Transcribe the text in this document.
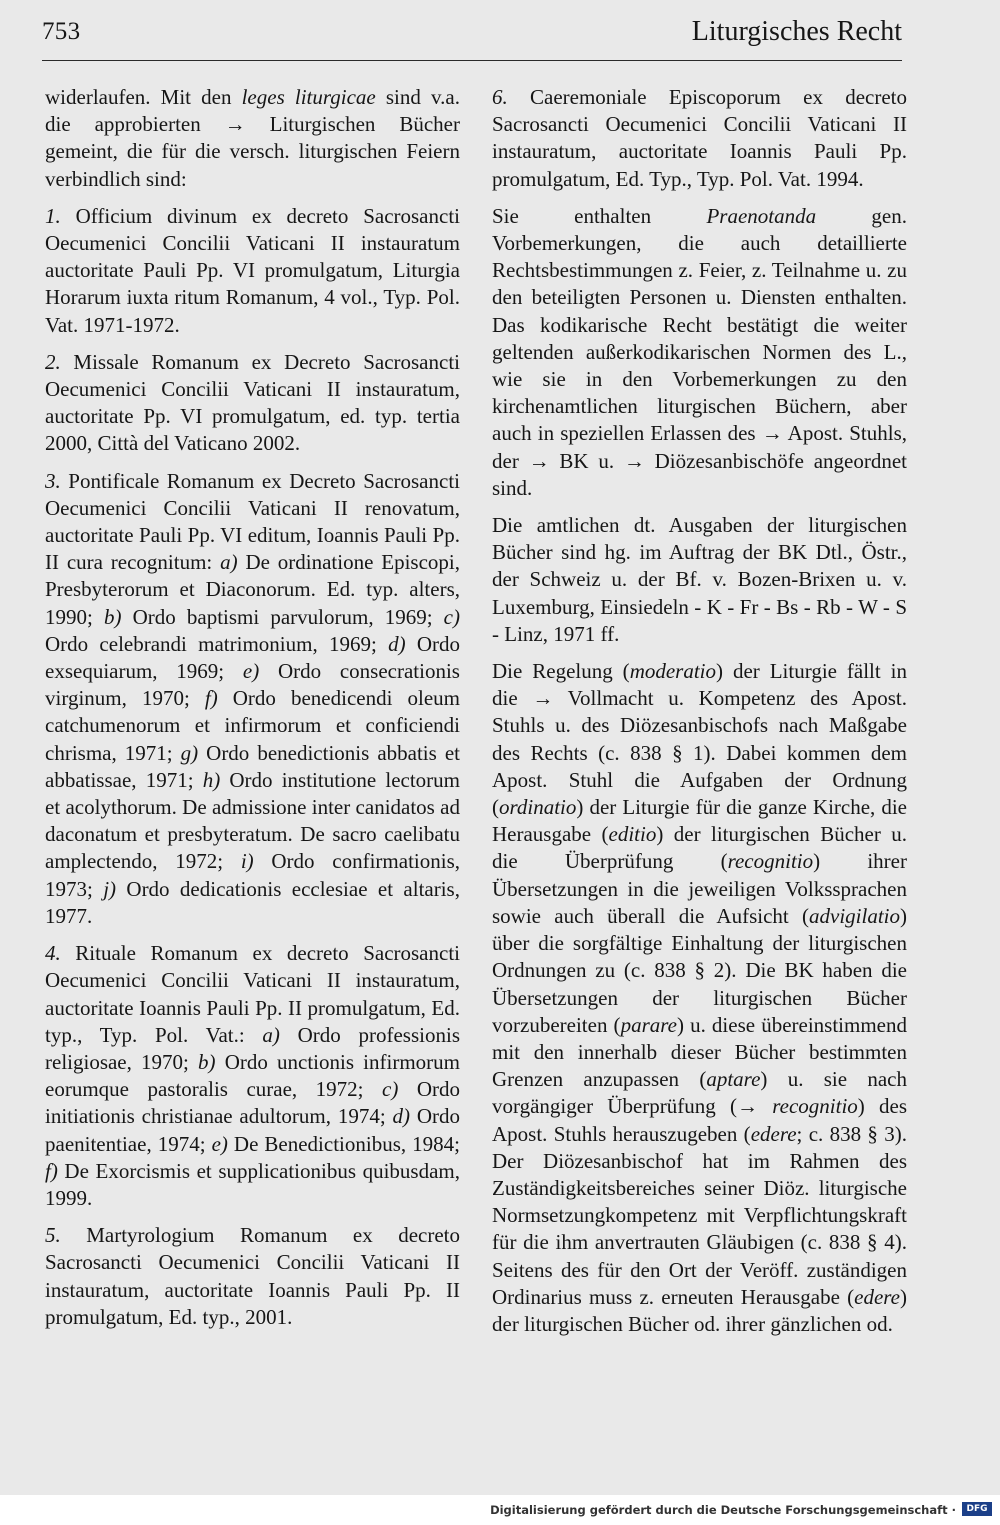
753	Liturgisches Recht

widerlaufen. Mit den leges liturgicae sind v.a. die approbierten → Liturgischen Bücher gemeint, die für die versch. liturgischen Feiern verbindlich sind:

1. Officium divinum ex decreto Sacrosancti Oecumenici Concilii Vaticani II instauratum auctoritate Pauli Pp. VI promulgatum, Liturgia Horarum iuxta ritum Romanum, 4 vol., Typ. Pol. Vat. 1971-1972.

2. Missale Romanum ex Decreto Sacrosancti Oecumenici Concilii Vaticani II instauratum, auctoritate Pp. VI promulgatum, ed. typ. tertia 2000, Città del Vaticano 2002.

3. Pontificale Romanum ex Decreto Sacrosancti Oecumenici Concilii Vaticani II renovatum, auctoritate Pauli Pp. VI editum, Ioannis Pauli Pp. II cura recognitum: a) De ordinatione Episcopi, Presbyterorum et Diaconorum. Ed. typ. alters, 1990; b) Ordo baptismi parvulorum, 1969; c) Ordo celebrandi matrimonium, 1969; d) Ordo exsequiarum, 1969; e) Ordo consecrationis virginum, 1970; f) Ordo benedicendi oleum catchumenorum et infirmorum et conficiendi chrisma, 1971; g) Ordo benedictionis abbatis et abbatissae, 1971; h) Ordo institutione lectorum et acolythorum. De admissione inter canidatos ad daconatum et presbyteratum. De sacro caelibatu amplectendo, 1972; i) Ordo confirmationis, 1973; j) Ordo dedicationis ecclesiae et altaris, 1977.

4. Rituale Romanum ex decreto Sacrosancti Oecumenici Concilii Vaticani II instauratum, auctoritate Ioannis Pauli Pp. II promulgatum, Ed. typ., Typ. Pol. Vat.: a) Ordo professionis religiosae, 1970; b) Ordo unctionis infirmorum eorumque pastoralis curae, 1972; c) Ordo initiationis christianae adultorum, 1974; d) Ordo paenitentiae, 1974; e) De Benedictionibus, 1984; f) De Exorcismis et supplicationibus quibusdam, 1999.

5. Martyrologium Romanum ex decreto Sacrosancti Oecumenici Concilii Vaticani II instauratum, auctoritate Ioannis Pauli Pp. II promulgatum, Ed. typ., 2001.

6. Caeremoniale Episcoporum ex decreto Sacrosancti Oecumenici Concilii Vaticani II instauratum, auctoritate Ioannis Pauli Pp. promulgatum, Ed. Typ., Typ. Pol. Vat. 1994.

Sie enthalten Praenotanda gen. Vorbemerkungen, die auch detaillierte Rechtsbestimmungen z. Feier, z. Teilnahme u. zu den beteiligten Personen u. Diensten enthalten. Das kodikarische Recht bestätigt die weiter geltenden außerkodikarischen Normen des L., wie sie in den Vorbemerkungen zu den kirchenamtlichen liturgischen Büchern, aber auch in speziellen Erlassen des → Apost. Stuhls, der → BK u. → Diözesanbischöfe angeordnet sind.

Die amtlichen dt. Ausgaben der liturgischen Bücher sind hg. im Auftrag der BK Dtl., Östr., der Schweiz u. der Bf. v. Bozen-Brixen u. v. Luxemburg, Einsiedeln - K - Fr - Bs - Rb - W - S - Linz, 1971 ff.

Die Regelung (moderatio) der Liturgie fällt in die → Vollmacht u. Kompetenz des Apost. Stuhls u. des Diözesanbischofs nach Maßgabe des Rechts (c. 838 § 1). Dabei kommen dem Apost. Stuhl die Aufgaben der Ordnung (ordinatio) der Liturgie für die ganze Kirche, die Herausgabe (editio) der liturgischen Bücher u. die Überprüfung (recognitio) ihrer Übersetzungen in die jeweiligen Volkssprachen sowie auch überall die Aufsicht (advigilatio) über die sorgfältige Einhaltung der liturgischen Ordnungen zu (c. 838 § 2). Die BK haben die Übersetzungen der liturgischen Bücher vorzubereiten (parare) u. diese übereinstimmend mit den innerhalb dieser Bücher bestimmten Grenzen anzupassen (aptare) u. sie nach vorgängiger Überprüfung (→ recognitio) des Apost. Stuhls herauszugeben (edere; c. 838 § 3). Der Diözesanbischof hat im Rahmen des Zuständigkeitsbereiches seiner Diöz. liturgische Normsetzungkompetenz mit Verpflichtungskraft für die ihm anvertrauten Gläubigen (c. 838 § 4). Seitens des für den Ort der Veröff. zuständigen Ordinarius muss z. erneuten Herausgabe (edere) der liturgischen Bücher od. ihrer gänzlichen od.

Digitalisierung gefördert durch die Deutsche Forschungsgemeinschaft ·	DFG
